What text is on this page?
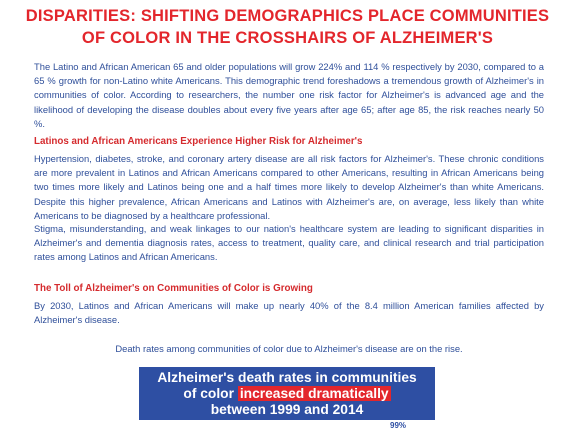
DISPARITIES: SHIFTING DEMOGRAPHICS PLACE COMMUNITIES
OF COLOR IN THE CROSSHAIRS OF ALZHEIMER'S

The Latino and African American 65 and older populations will grow 224% and 114 % respectively by 2030, compared to a 65 % growth for non-Latino white Americans. This demographic trend foreshadows a tremendous growth of Alzheimer's in communities of color. According to researchers, the number one risk factor for Alzheimer's is advanced age and the likelihood of developing the disease doubles about every five years after age 65; after age 85, the risk reaches nearly 50 %.

Latinos and African Americans Experience Higher Risk for Alzheimer's

Hypertension, diabetes, stroke, and coronary artery disease are all risk factors for Alzheimer's. These chronic conditions are more prevalent in Latinos and African Americans compared to other Americans, resulting in African Americans being two times more likely and Latinos being one and a half times more likely to develop Alzheimer's than white Americans. Despite this higher prevalence, African Americans and Latinos with Alzheimer's are, on average, less likely than white Americans to be diagnosed by a healthcare professional.

Stigma, misunderstanding, and weak linkages to our nation's healthcare system are leading to significant disparities in Alzheimer's and dementia diagnosis rates, access to treatment, quality care, and clinical research and trial participation rates among Latinos and African Americans.

The Toll of Alzheimer's on Communities of Color is Growing

By 2030, Latinos and African Americans will make up nearly 40% of the 8.4 million American families affected by Alzheimer's disease.

Death rates among communities of color due to Alzheimer's disease are on the rise.

Alzheimer's death rates in communities
of color increased dramatically
between 1999 and 2014
99%
